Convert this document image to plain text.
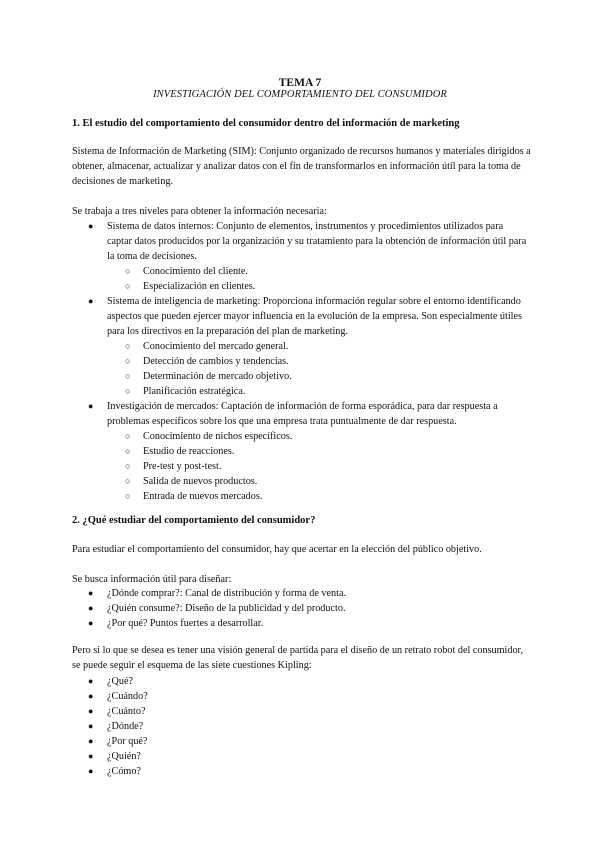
TEMA 7
INVESTIGACIÓN DEL COMPORTAMIENTO DEL CONSUMIDOR
1. El estudio del comportamiento del consumidor dentro del información de marketing
Sistema de Información de Marketing (SIM): Conjunto organizado de recursos humanos y materiales dirigidos a obtener, almacenar, actualizar y analizar datos con el fin de transformarlos en información útil para la toma de decisiones de marketing.
Se trabaja a tres niveles para obtener la información necesaria:
● Sistema de datos internos: Conjunto de elementos, instrumentos y procedimientos utilizados para captar datos producidos por la organización y su tratamiento para la obtención de información útil para la toma de decisiones.
○ Conocimiento del cliente.
○ Especialización en clientes.
● Sistema de inteligencia de marketing: Proporciona información regular sobre el entorno identificando aspectos que pueden ejercer mayor influencia en la evolución de la empresa. Son especialmente útiles para los directivos en la preparación del plan de marketing.
○ Conocimiento del mercado general.
○ Detección de cambios y tendencias.
○ Determinación de mercado objetivo.
○ Planificación estratégica.
● Investigación de mercados: Captación de información de forma esporádica, para dar respuesta a problemas específicos sobre los que una empresa trata puntualmente de dar respuesta.
○ Conocimiento de nichos específicos.
○ Estudio de reacciones.
○ Pre-test y post-test.
○ Salida de nuevos productos.
○ Entrada de nuevos mercados.
2. ¿Qué estudiar del comportamiento del consumidor?
Para estudiar el comportamiento del consumidor, hay que acertar en la elección del público objetivo.
Se busca información útil para diseñar:
● ¿Dónde comprar?: Canal de distribución y forma de venta.
● ¿Quién consume?: Diseño de la publicidad y del producto.
● ¿Por qué? Puntos fuertes a desarrollar.
Pero si lo que se desea es tener una visión general de partida para el diseño de un retrato robot del consumidor, se puede seguir el esquema de las siete cuestiones Kipling:
● ¿Qué?
● ¿Cuándo?
● ¿Cuánto?
● ¿Dónde?
● ¿Por qué?
● ¿Quién?
● ¿Cómo?
